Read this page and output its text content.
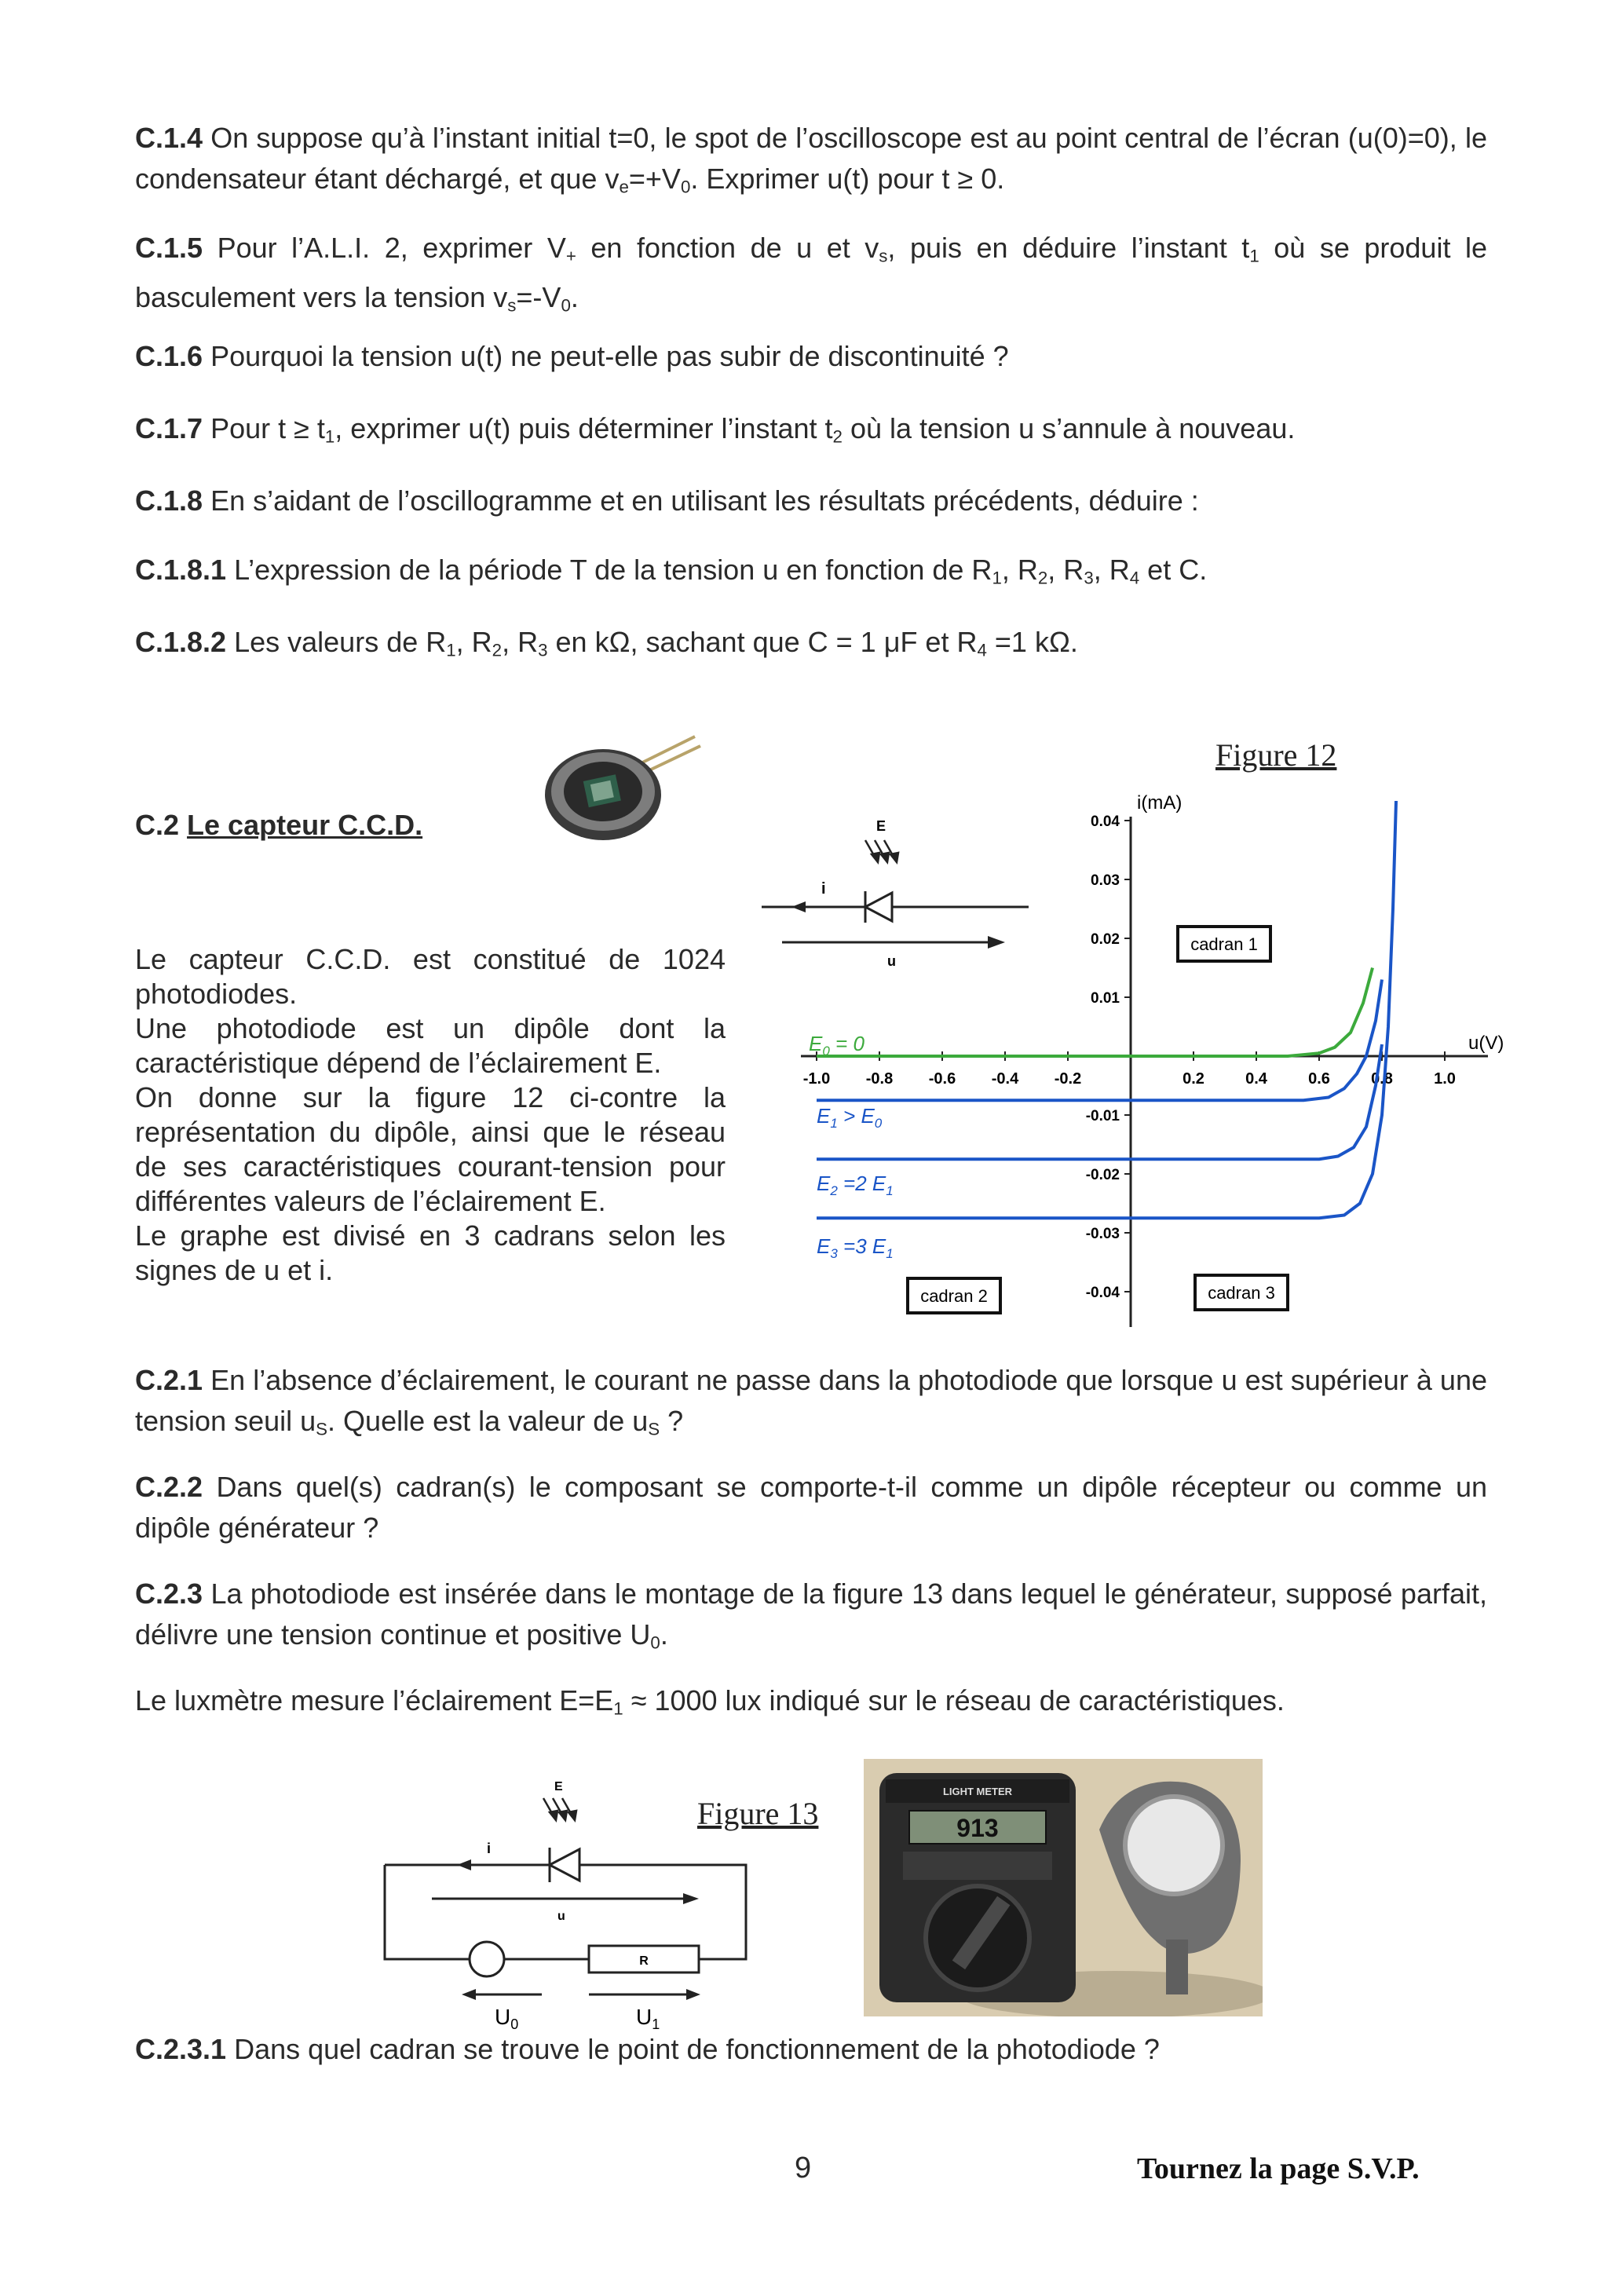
C.1.4 On suppose qu’à l’instant initial t=0, le spot de l’oscilloscope est au point central de l’écran (u(0)=0), le condensateur étant déchargé, et que $v_e=+V_0$. Exprimer u(t) pour t ≥ 0.
C.1.5 Pour l’A.L.I. 2, exprimer $V_+$ en fonction de u et $v_s$, puis en déduire l’instant $t_1$ où se produit le basculement vers la tension $v_s=-V_0$.
C.1.6 Pourquoi la tension u(t) ne peut-elle pas subir de discontinuité ?
C.1.7 Pour $t \ge t_1$, exprimer u(t) puis déterminer l’instant $t_2$ où la tension u s’annule à nouveau.
C.1.8 En s’aidant de l’oscillogramme et en utilisant les résultats précédents, déduire :
C.1.8.1 L’expression de la période T de la tension u en fonction de $R_1$, $R_2$, $R_3$, $R_4$ et C.
C.1.8.2 Les valeurs de $R_1$, $R_2$, $R_3$ en kΩ, sachant que C = 1 μF et $R_4 =1$ kΩ.
C.2 Le capteur C.C.D.

Le capteur C.C.D. est constitué de 1024 photodiodes.

Une photodiode est un dipôle dont la caractéristique dépend de l’éclairement E.

On donne sur la figure 12 ci-contre la représentation du dipôle, ainsi que le réseau de ses caractéristiques courant-tension pour différentes valeurs de l’éclairement E.

Le graphe est divisé en 3 cadrans selon les signes de u et i.

Figure 12
i
E
u
i(mA)
u(V)
-1.0 -0.8 -0.6 -0.4 -0.2	0.2	0.4	0.6	0.8	1.0
0.04
0.03
0.02
0.01
-0.01
-0.02
-0.03
-0.04
$E_0 = 0$
$E_1 > E_0$
$E_2 =2$ $E_1$
$E_3 =3$ $E_1$
cadran 1
cadran 2	cadran 3
C.2.1 En l’absence d’éclairement, le courant ne passe dans la photodiode que lorsque u est supérieur à une tension seuil $u_S$. Quelle est la valeur de $u_S$ ?
C.2.2 Dans quel(s) cadran(s) le composant se comporte-t-il comme un dipôle récepteur ou comme un dipôle générateur ?
C.2.3 La photodiode est insérée dans le montage de la figure 13 dans lequel le générateur, supposé parfait, délivre une tension continue et positive $U_0$.
Le luxmètre mesure l’éclairement $E=E_1 \approx 1000$ lux indiqué sur le réseau de caractéristiques.
Figure 13
E
i
u
R
$U_0$	$U_1$
LIGHT METER
913
C.2.3.1 Dans quel cadran se trouve le point de fonctionnement de la photodiode ?
9	Tournez la page S.V.P.
